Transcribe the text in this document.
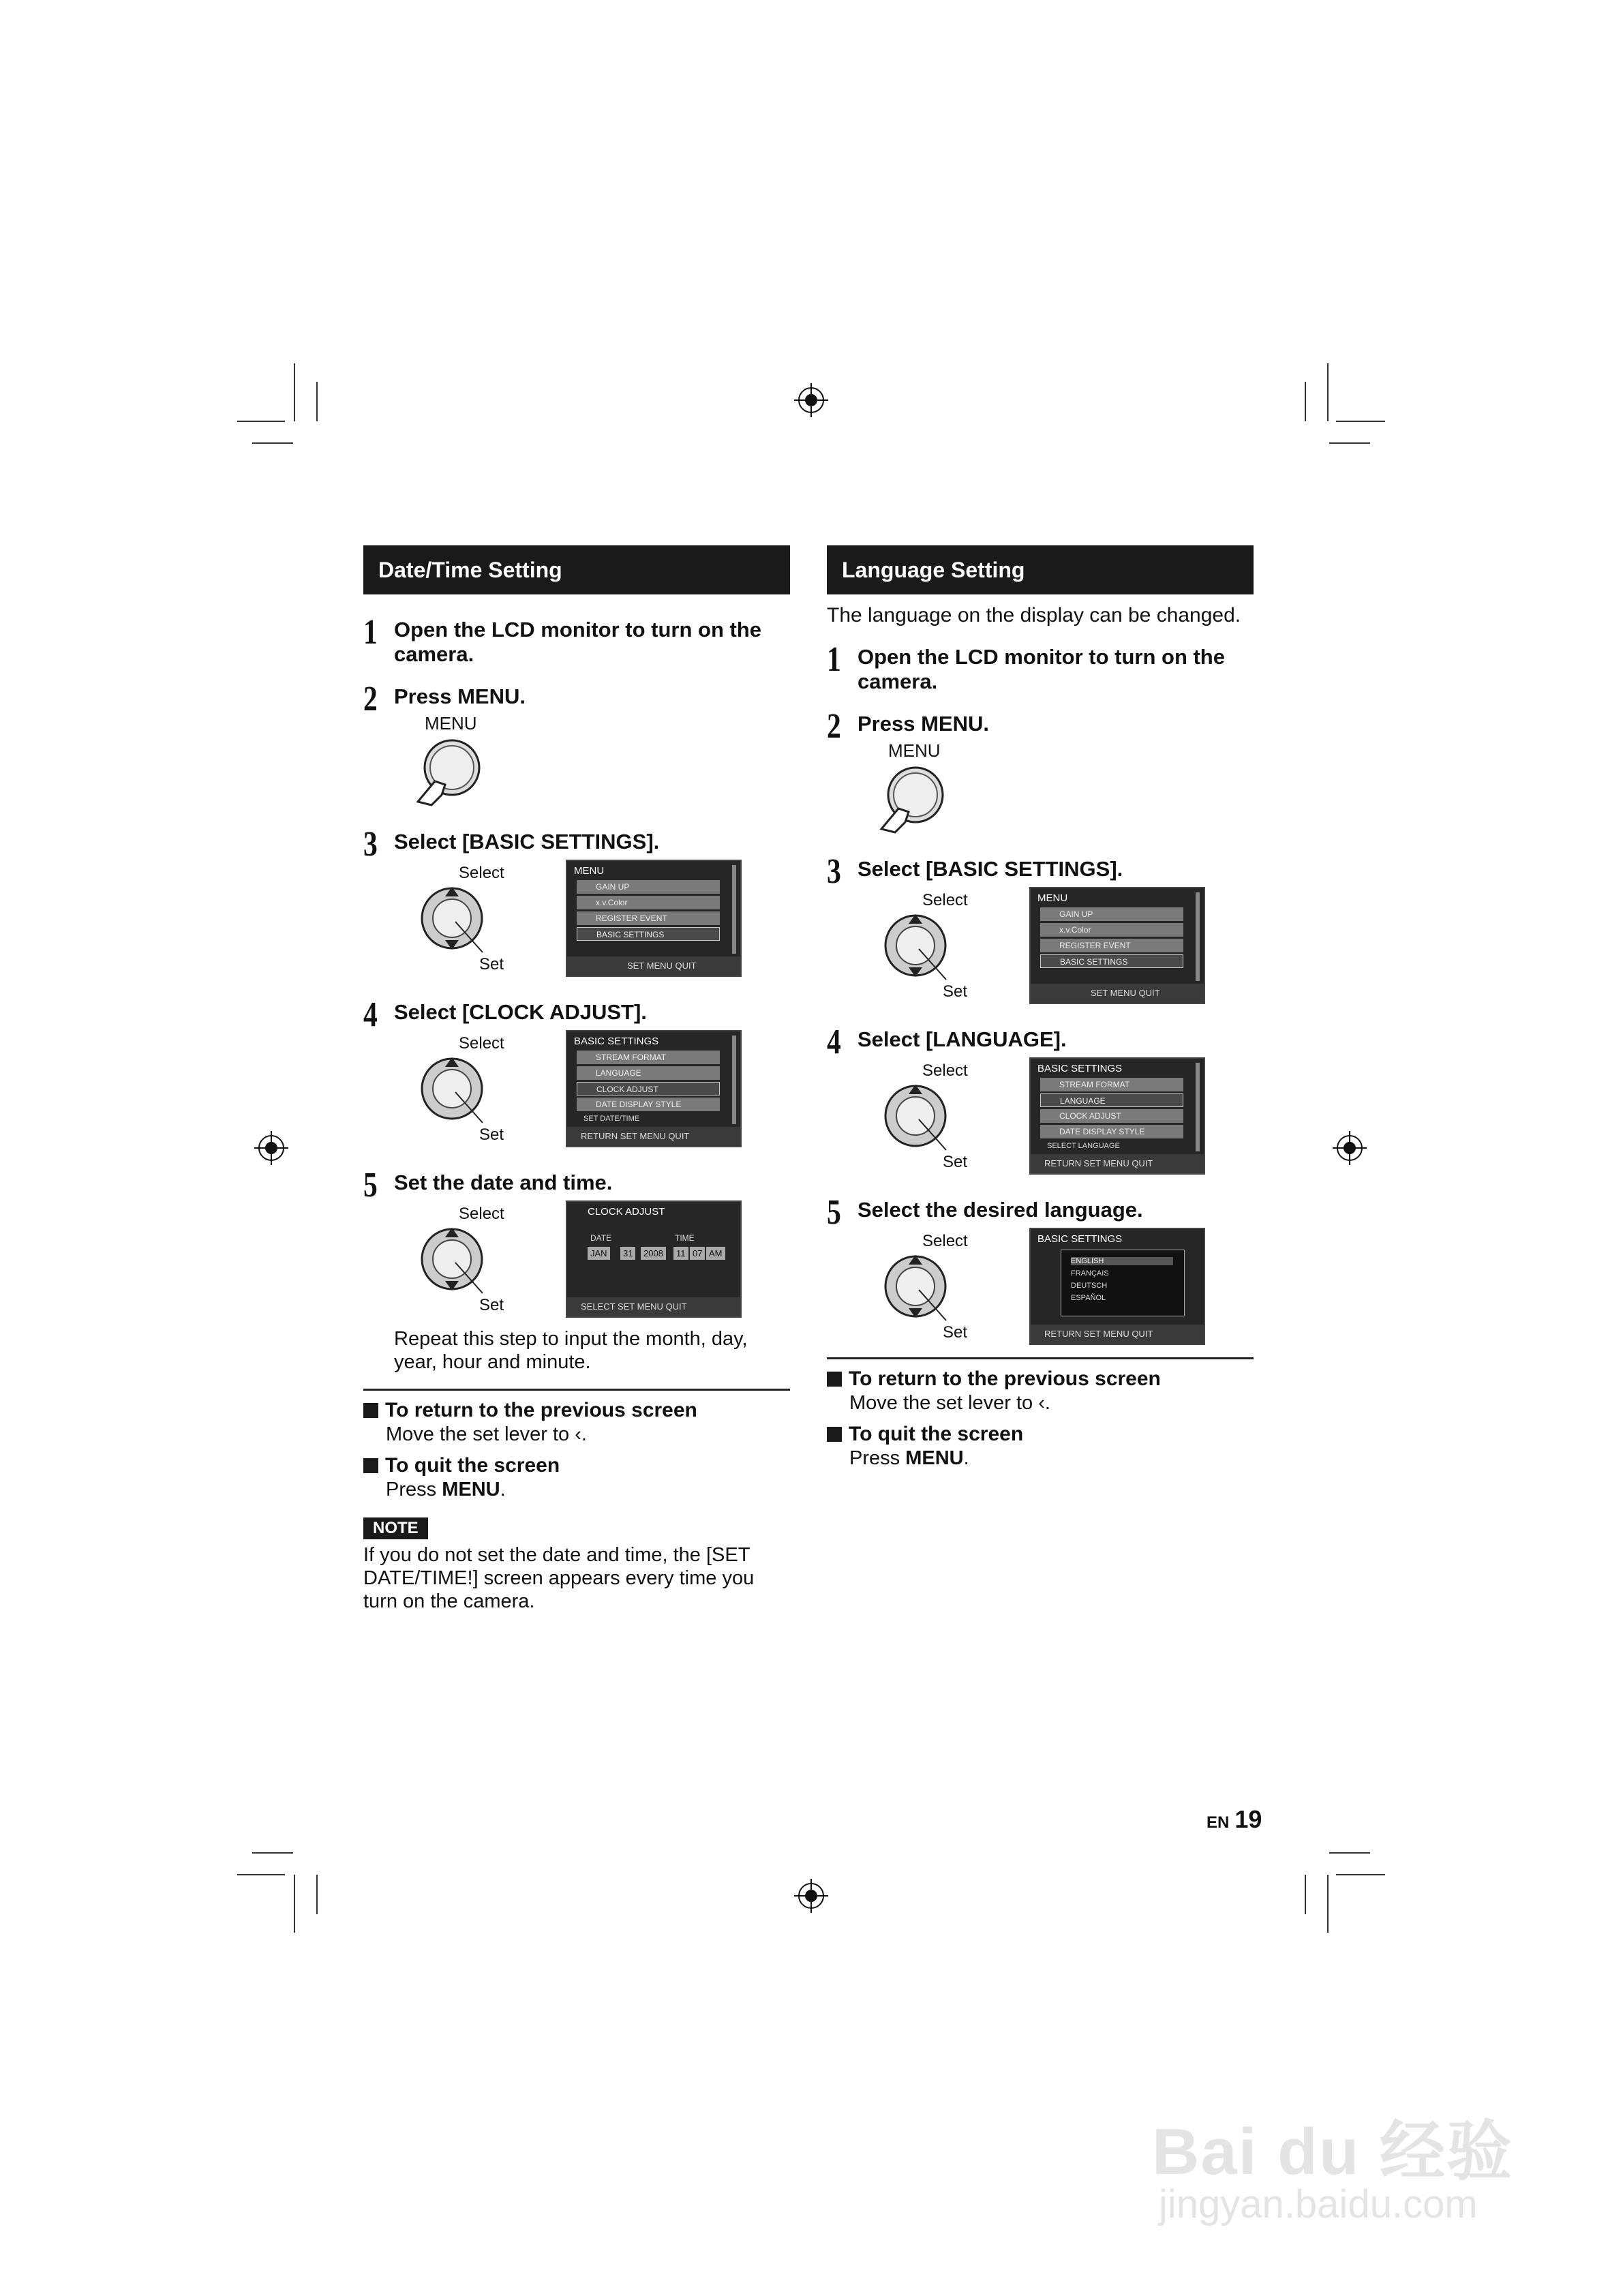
Date/Time Setting
1 Open the LCD monitor to turn on the camera.
2 Press MENU.
MENU
3 Select [BASIC SETTINGS].
Select
Set
MENU
GAIN UP
x.v.Color
REGISTER EVENT
BASIC SETTINGS
SET MENU QUIT
4 Select [CLOCK ADJUST].
Select
Set
BASIC SETTINGS
STREAM FORMAT
LANGUAGE
CLOCK ADJUST
DATE DISPLAY STYLE
SET DATE/TIME
RETURN SET MENU QUIT
5 Set the date and time.
Select
Set
CLOCK ADJUST
DATE	TIME
JAN	31	2008	11 07 AM
SELECT SET MENU QUIT
Repeat this step to input the month, day, year, hour and minute.
To return to the previous screen
Move the set lever to ‹.
To quit the screen
Press MENU.
NOTE
If you do not set the date and time, the [SET DATE/TIME!] screen appears every time you turn on the camera.
Language Setting
The language on the display can be changed.
1 Open the LCD monitor to turn on the camera.
2 Press MENU.
MENU
3 Select [BASIC SETTINGS].
Select
Set
MENU
GAIN UP
x.v.Color
REGISTER EVENT
BASIC SETTINGS
SET MENU QUIT
4 Select [LANGUAGE].
Select
Set
BASIC SETTINGS
STREAM FORMAT
LANGUAGE
CLOCK ADJUST
DATE DISPLAY STYLE
SELECT LANGUAGE
RETURN SET MENU QUIT
5 Select the desired language.
Select
Set
BASIC SETTINGS
ENGLISH
FRANÇAIS
DEUTSCH
ESPAÑOL
RETURN SET MENU QUIT
To return to the previous screen
Move the set lever to ‹.
To quit the screen
Press MENU.
EN 19
Bai du 经验
jingyan.baidu.com
